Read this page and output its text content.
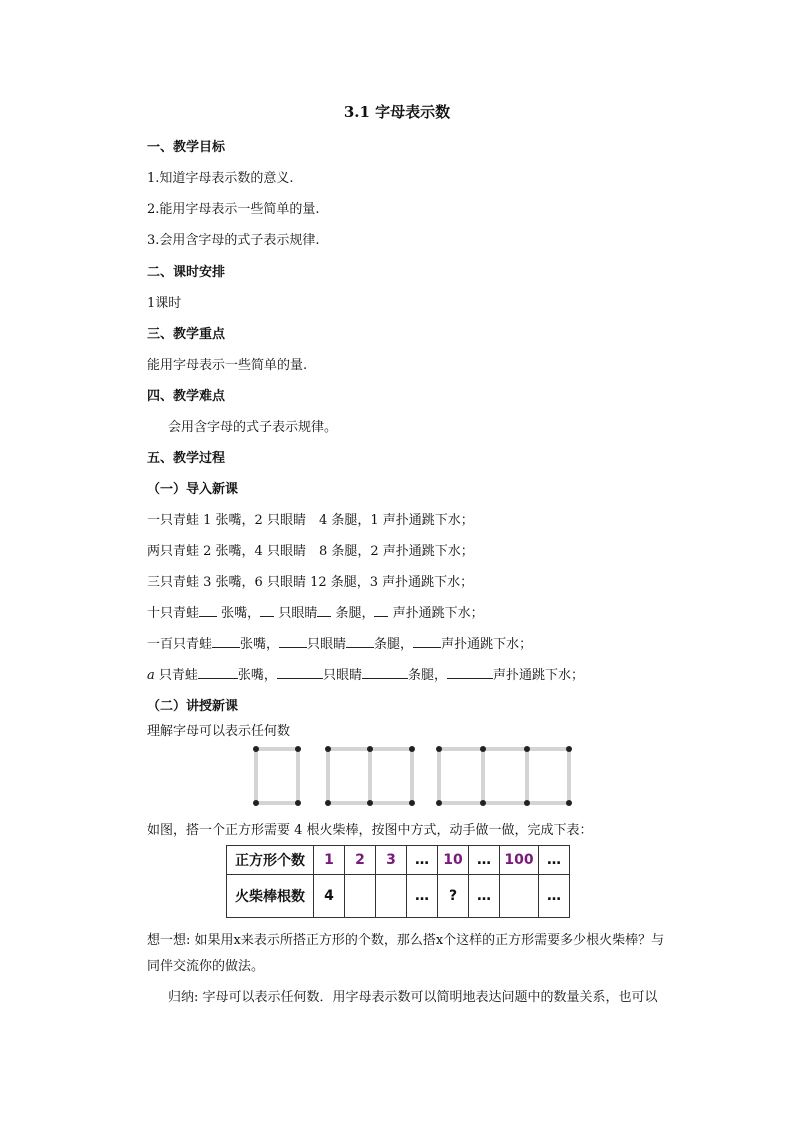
3.1 字母表示数
一、教学目标
1.知道字母表示数的意义.
2.能用字母表示一些简单的量.
3.会用含字母的式子表示规律.
二、课时安排
1课时
三、教学重点
能用字母表示一些简单的量.
四、教学难点
会用含字母的式子表示规律。
五、教学过程
（一）导入新课
一只青蛙 1 张嘴，2 只眼睛　4 条腿，1 声扑通跳下水；
两只青蛙 2 张嘴，4 只眼睛　8 条腿，2 声扑通跳下水；
三只青蛙 3 张嘴，6 只眼睛 12 条腿，3 声扑通跳下水；
十只青蛙 张嘴， 只眼睛 条腿， 声扑通跳下水；
一百只青蛙 张嘴， 只眼睛 条腿， 声扑通跳下水；
a 只青蛙	张嘴，	只眼睛	条腿，	声扑通跳下水；
（二）讲授新课
理解字母可以表示任何数
如图，搭一个正方形需要 4 根火柴棒，按图中方式，动手做一做，完成下表：
正方形个数	1	2	3	…	10	…	100	…
火柴棒根数	4			…	?	…		…
想一想: 如果用x来表示所搭正方形的个数，那么搭x个这样的正方形需要多少根火柴棒？与同伴交流你的做法。
归纳: 字母可以表示任何数．用字母表示数可以简明地表达问题中的数量关系，也可以
